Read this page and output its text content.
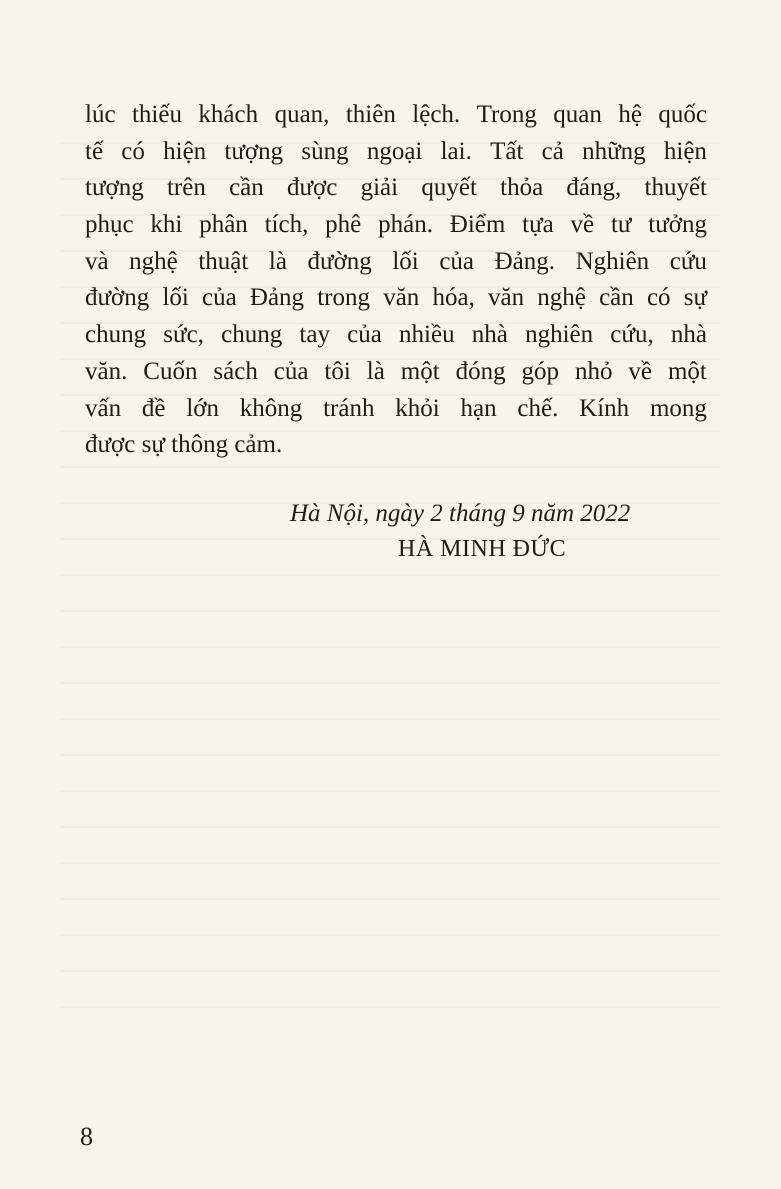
lúc thiếu khách quan, thiên lệch. Trong quan hệ quốc
tế có hiện tượng sùng ngoại lai. Tất cả những hiện
tượng trên cần được giải quyết thỏa đáng, thuyết
phục khi phân tích, phê phán. Điểm tựa về tư tưởng
và nghệ thuật là đường lối của Đảng. Nghiên cứu
đường lối của Đảng trong văn hóa, văn nghệ cần có sự
chung sức, chung tay của nhiều nhà nghiên cứu, nhà
văn. Cuốn sách của tôi là một đóng góp nhỏ về một
vấn đề lớn không tránh khỏi hạn chế. Kính mong
được sự thông cảm.
Hà Nội, ngày 2 tháng 9 năm 2022
HÀ MINH ĐỨC
8
